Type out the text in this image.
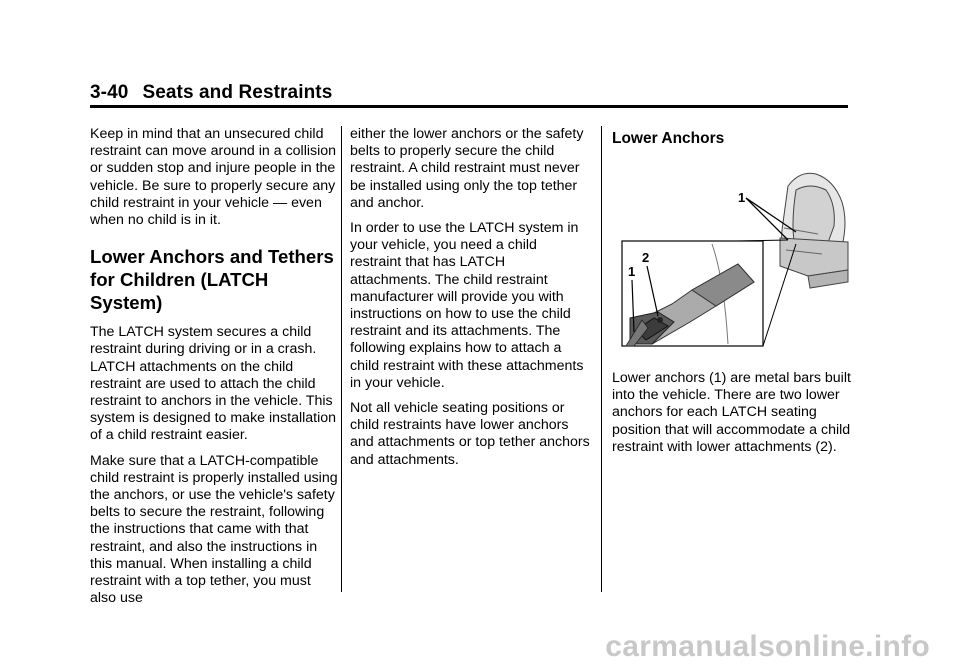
3-40 Seats and Restraints

Keep in mind that an unsecured child restraint can move around in a collision or sudden stop and injure people in the vehicle. Be sure to properly secure any child restraint in your vehicle — even when no child is in it.

Lower Anchors and Tethers for Children (LATCH System)

The LATCH system secures a child restraint during driving or in a crash. LATCH attachments on the child restraint are used to attach the child restraint to anchors in the vehicle. This system is designed to make installation of a child restraint easier.

Make sure that a LATCH-compatible child restraint is properly installed using the anchors, or use the vehicle's safety belts to secure the restraint, following the instructions that came with that restraint, and also the instructions in this manual. When installing a child restraint with a top tether, you must also use

either the lower anchors or the safety belts to properly secure the child restraint. A child restraint must never be installed using only the top tether and anchor.

In order to use the LATCH system in your vehicle, you need a child restraint that has LATCH attachments. The child restraint manufacturer will provide you with instructions on how to use the child restraint and its attachments. The following explains how to attach a child restraint with these attachments in your vehicle.

Not all vehicle seating positions or child restraints have lower anchors and attachments or top tether anchors and attachments.

Lower Anchors
1
1
2

Lower anchors (1) are metal bars built into the vehicle. There are two lower anchors for each LATCH seating position that will accommodate a child restraint with lower attachments (2).

carmanualsonline.info
